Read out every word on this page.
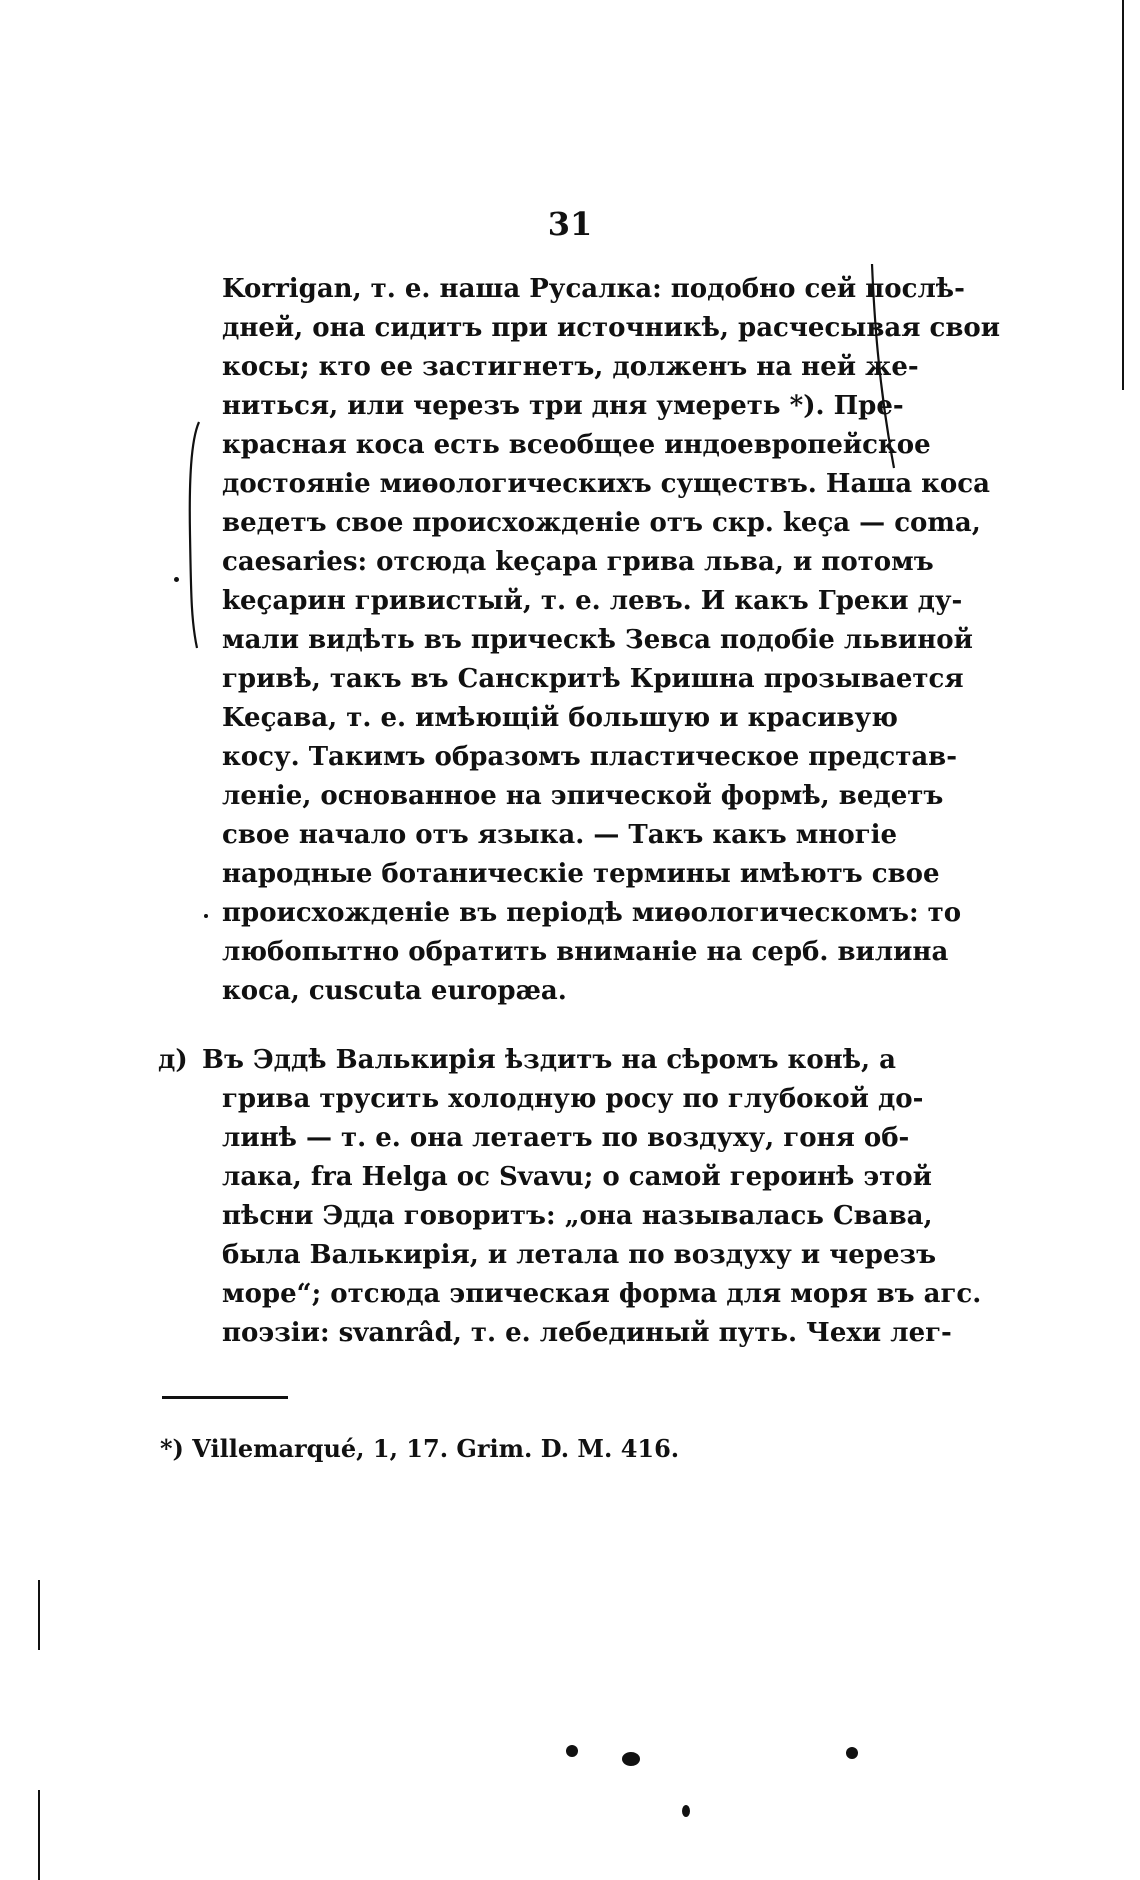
31
Korrigan, т. е. наша Русалка: подобно сей послѣ-
дней, она сидитъ при источникѣ, расчесывая свои
косы; кто ее застигнетъ, долженъ на ней же-
ниться, или черезъ три дня умереть *). Пре-
красная коса есть всеобщее индоевропейское
достояніе миѳологическихъ существъ. Наша коса
ведетъ свое происхожденіе отъ скр. keçа — coma,
caesaries: отсюда keçара грива льва, и потомъ
keçарин гривистый, т. е. левъ. И какъ Греки ду-
мали видѣть въ прическѣ Зевса подобіе львиной
гривѣ, такъ въ Санскритѣ Кришна прозывается
Keçава, т. е. имѣющій большую и красивую
косу. Такимъ образомъ пластическое представ-
леніе, основанное на эпической формѣ, ведетъ
свое начало отъ языка. — Такъ какъ многіе
народные ботаническіе термины имѣютъ свое
происхожденіе въ періодѣ миѳологическомъ: то
любопытно обратить вниманіе на серб. вилина
коса, cuscuta europæa.
д) Въ Эддѣ Валькирія ѣздитъ на сѣромъ конѣ, а
грива трусить холодную росу по глубокой до-
линѣ — т. е. она летаетъ по воздуху, гоня об-
лака, fra Helga oc Svavu; о самой героинѣ этой
пѣсни Эдда говоритъ: „она называлась Свава,
была Валькирія, и летала по воздуху и черезъ
море“; отсюда эпическая форма для моря въ агс.
поэзіи: svanrâd, т. е. лебединый путь. Чехи лег-
*) Villemarqué, 1, 17. Grim. D. M. 416.
